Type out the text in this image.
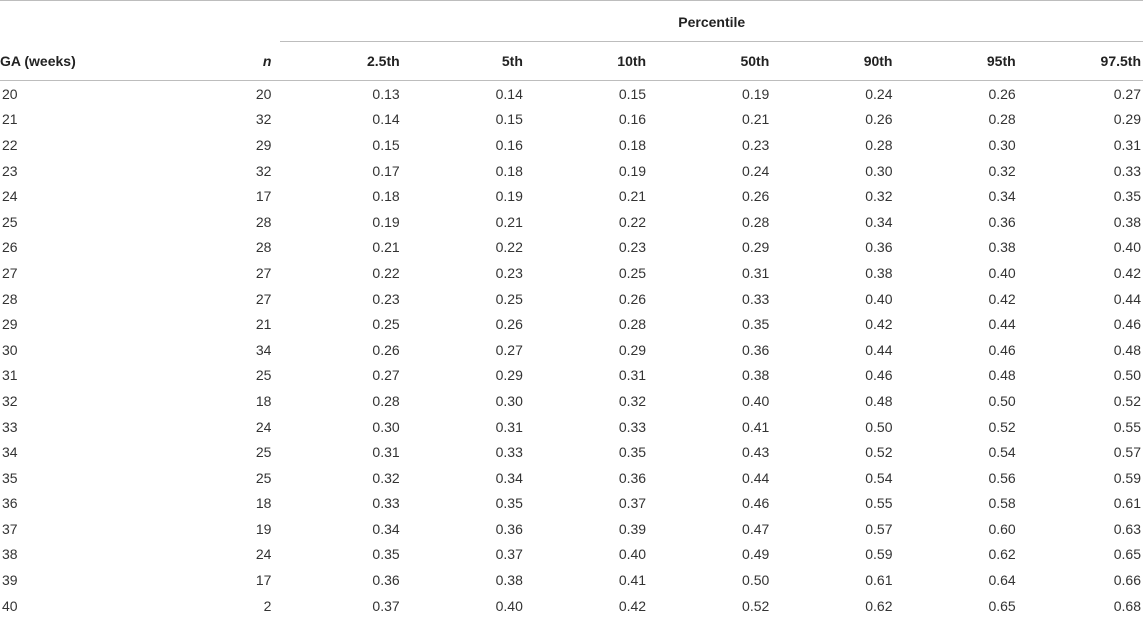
		Percentile						
GA (weeks)	n	2.5th	5th	10th	50th	90th	95th	97.5th
20	20	0.13	0.14	0.15	0.19	0.24	0.26	0.27
21	32	0.14	0.15	0.16	0.21	0.26	0.28	0.29
22	29	0.15	0.16	0.18	0.23	0.28	0.30	0.31
23	32	0.17	0.18	0.19	0.24	0.30	0.32	0.33
24	17	0.18	0.19	0.21	0.26	0.32	0.34	0.35
25	28	0.19	0.21	0.22	0.28	0.34	0.36	0.38
26	28	0.21	0.22	0.23	0.29	0.36	0.38	0.40
27	27	0.22	0.23	0.25	0.31	0.38	0.40	0.42
28	27	0.23	0.25	0.26	0.33	0.40	0.42	0.44
29	21	0.25	0.26	0.28	0.35	0.42	0.44	0.46
30	34	0.26	0.27	0.29	0.36	0.44	0.46	0.48
31	25	0.27	0.29	0.31	0.38	0.46	0.48	0.50
32	18	0.28	0.30	0.32	0.40	0.48	0.50	0.52
33	24	0.30	0.31	0.33	0.41	0.50	0.52	0.55
34	25	0.31	0.33	0.35	0.43	0.52	0.54	0.57
35	25	0.32	0.34	0.36	0.44	0.54	0.56	0.59
36	18	0.33	0.35	0.37	0.46	0.55	0.58	0.61
37	19	0.34	0.36	0.39	0.47	0.57	0.60	0.63
38	24	0.35	0.37	0.40	0.49	0.59	0.62	0.65
39	17	0.36	0.38	0.41	0.50	0.61	0.64	0.66
40	2	0.37	0.40	0.42	0.52	0.62	0.65	0.68
